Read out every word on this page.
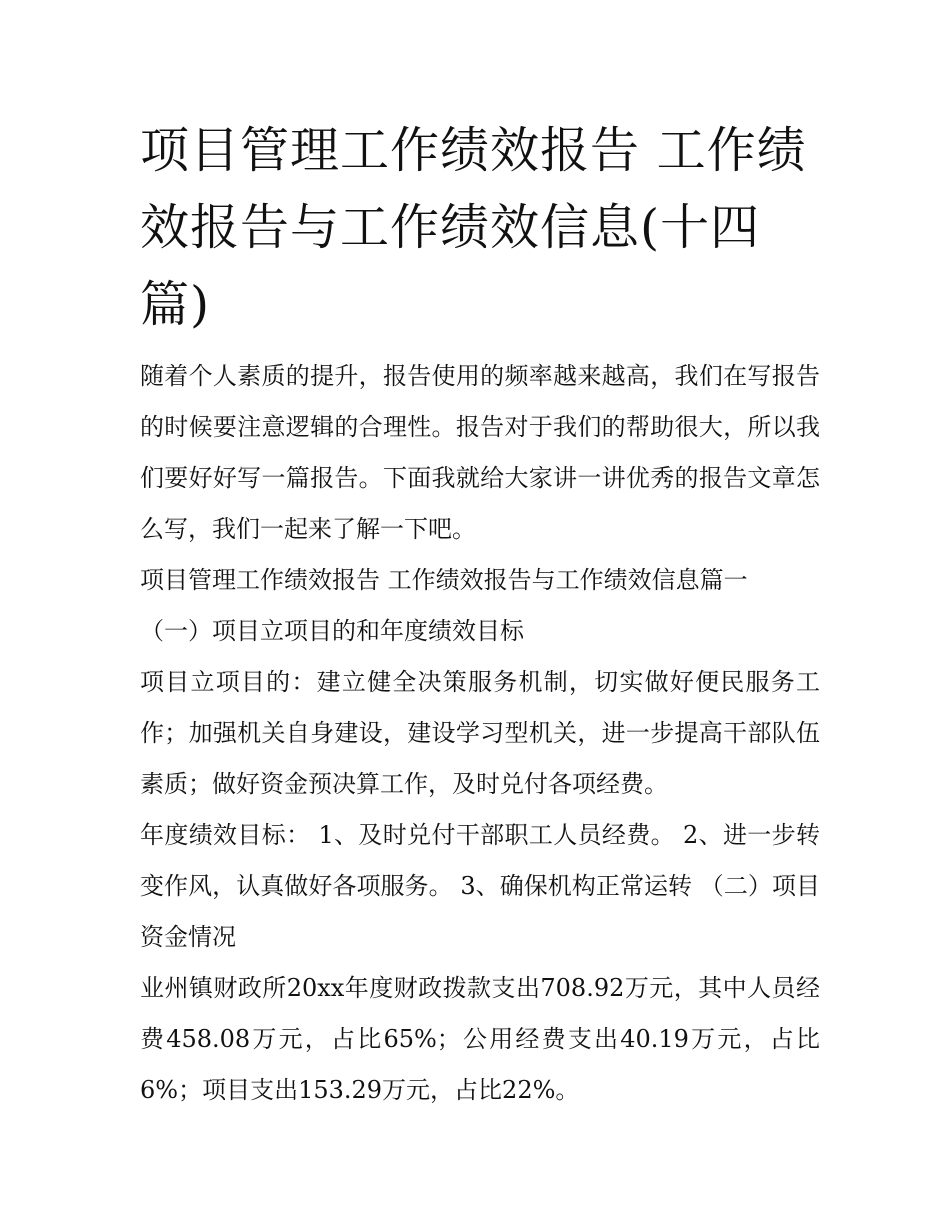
项目管理工作绩效报告 工作绩效报告与工作绩效信息(十四篇)

随着个人素质的提升，报告使用的频率越来越高，我们在写报告的时候要注意逻辑的合理性。报告对于我们的帮助很大，所以我们要好好写一篇报告。下面我就给大家讲一讲优秀的报告文章怎么写，我们一起来了解一下吧。

项目管理工作绩效报告 工作绩效报告与工作绩效信息篇一

（一）项目立项目的和年度绩效目标

项目立项目的：建立健全决策服务机制，切实做好便民服务工作；加强机关自身建设，建设学习型机关，进一步提高干部队伍素质；做好资金预决算工作，及时兑付各项经费。

年度绩效目标： 1、及时兑付干部职工人员经费。 2、进一步转变作风，认真做好各项服务。 3、确保机构正常运转 （二）项目资金情况

业州镇财政所20xx年度财政拨款支出708.92万元，其中人员经费458.08万元，占比65%；公用经费支出40.19万元，占比6%；项目支出153.29万元，占比22%。
